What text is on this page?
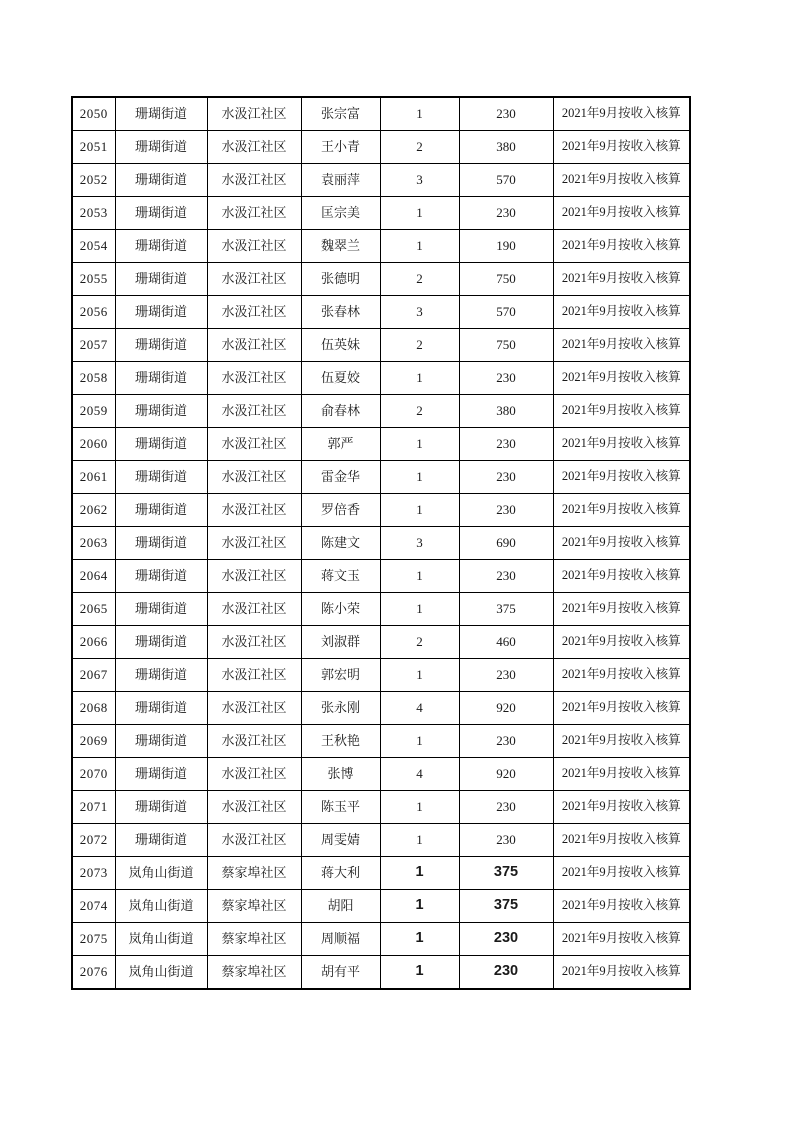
2050	珊瑚街道	水汲江社区	张宗富	1	230	2021年9月按收入核算
2051	珊瑚街道	水汲江社区	王小青	2	380	2021年9月按收入核算
2052	珊瑚街道	水汲江社区	袁丽萍	3	570	2021年9月按收入核算
2053	珊瑚街道	水汲江社区	匡宗美	1	230	2021年9月按收入核算
2054	珊瑚街道	水汲江社区	魏翠兰	1	190	2021年9月按收入核算
2055	珊瑚街道	水汲江社区	张德明	2	750	2021年9月按收入核算
2056	珊瑚街道	水汲江社区	张春林	3	570	2021年9月按收入核算
2057	珊瑚街道	水汲江社区	伍英妹	2	750	2021年9月按收入核算
2058	珊瑚街道	水汲江社区	伍夏姣	1	230	2021年9月按收入核算
2059	珊瑚街道	水汲江社区	俞春林	2	380	2021年9月按收入核算
2060	珊瑚街道	水汲江社区	郭严	1	230	2021年9月按收入核算
2061	珊瑚街道	水汲江社区	雷金华	1	230	2021年9月按收入核算
2062	珊瑚街道	水汲江社区	罗倍香	1	230	2021年9月按收入核算
2063	珊瑚街道	水汲江社区	陈建文	3	690	2021年9月按收入核算
2064	珊瑚街道	水汲江社区	蒋文玉	1	230	2021年9月按收入核算
2065	珊瑚街道	水汲江社区	陈小荣	1	375	2021年9月按收入核算
2066	珊瑚街道	水汲江社区	刘淑群	2	460	2021年9月按收入核算
2067	珊瑚街道	水汲江社区	郭宏明	1	230	2021年9月按收入核算
2068	珊瑚街道	水汲江社区	张永刚	4	920	2021年9月按收入核算
2069	珊瑚街道	水汲江社区	王秋艳	1	230	2021年9月按收入核算
2070	珊瑚街道	水汲江社区	张博	4	920	2021年9月按收入核算
2071	珊瑚街道	水汲江社区	陈玉平	1	230	2021年9月按收入核算
2072	珊瑚街道	水汲江社区	周雯婧	1	230	2021年9月按收入核算
2073	岚角山街道	蔡家埠社区	蒋大利	1	375	2021年9月按收入核算
2074	岚角山街道	蔡家埠社区	胡阳	1	375	2021年9月按收入核算
2075	岚角山街道	蔡家埠社区	周顺福	1	230	2021年9月按收入核算
2076	岚角山街道	蔡家埠社区	胡有平	1	230	2021年9月按收入核算
